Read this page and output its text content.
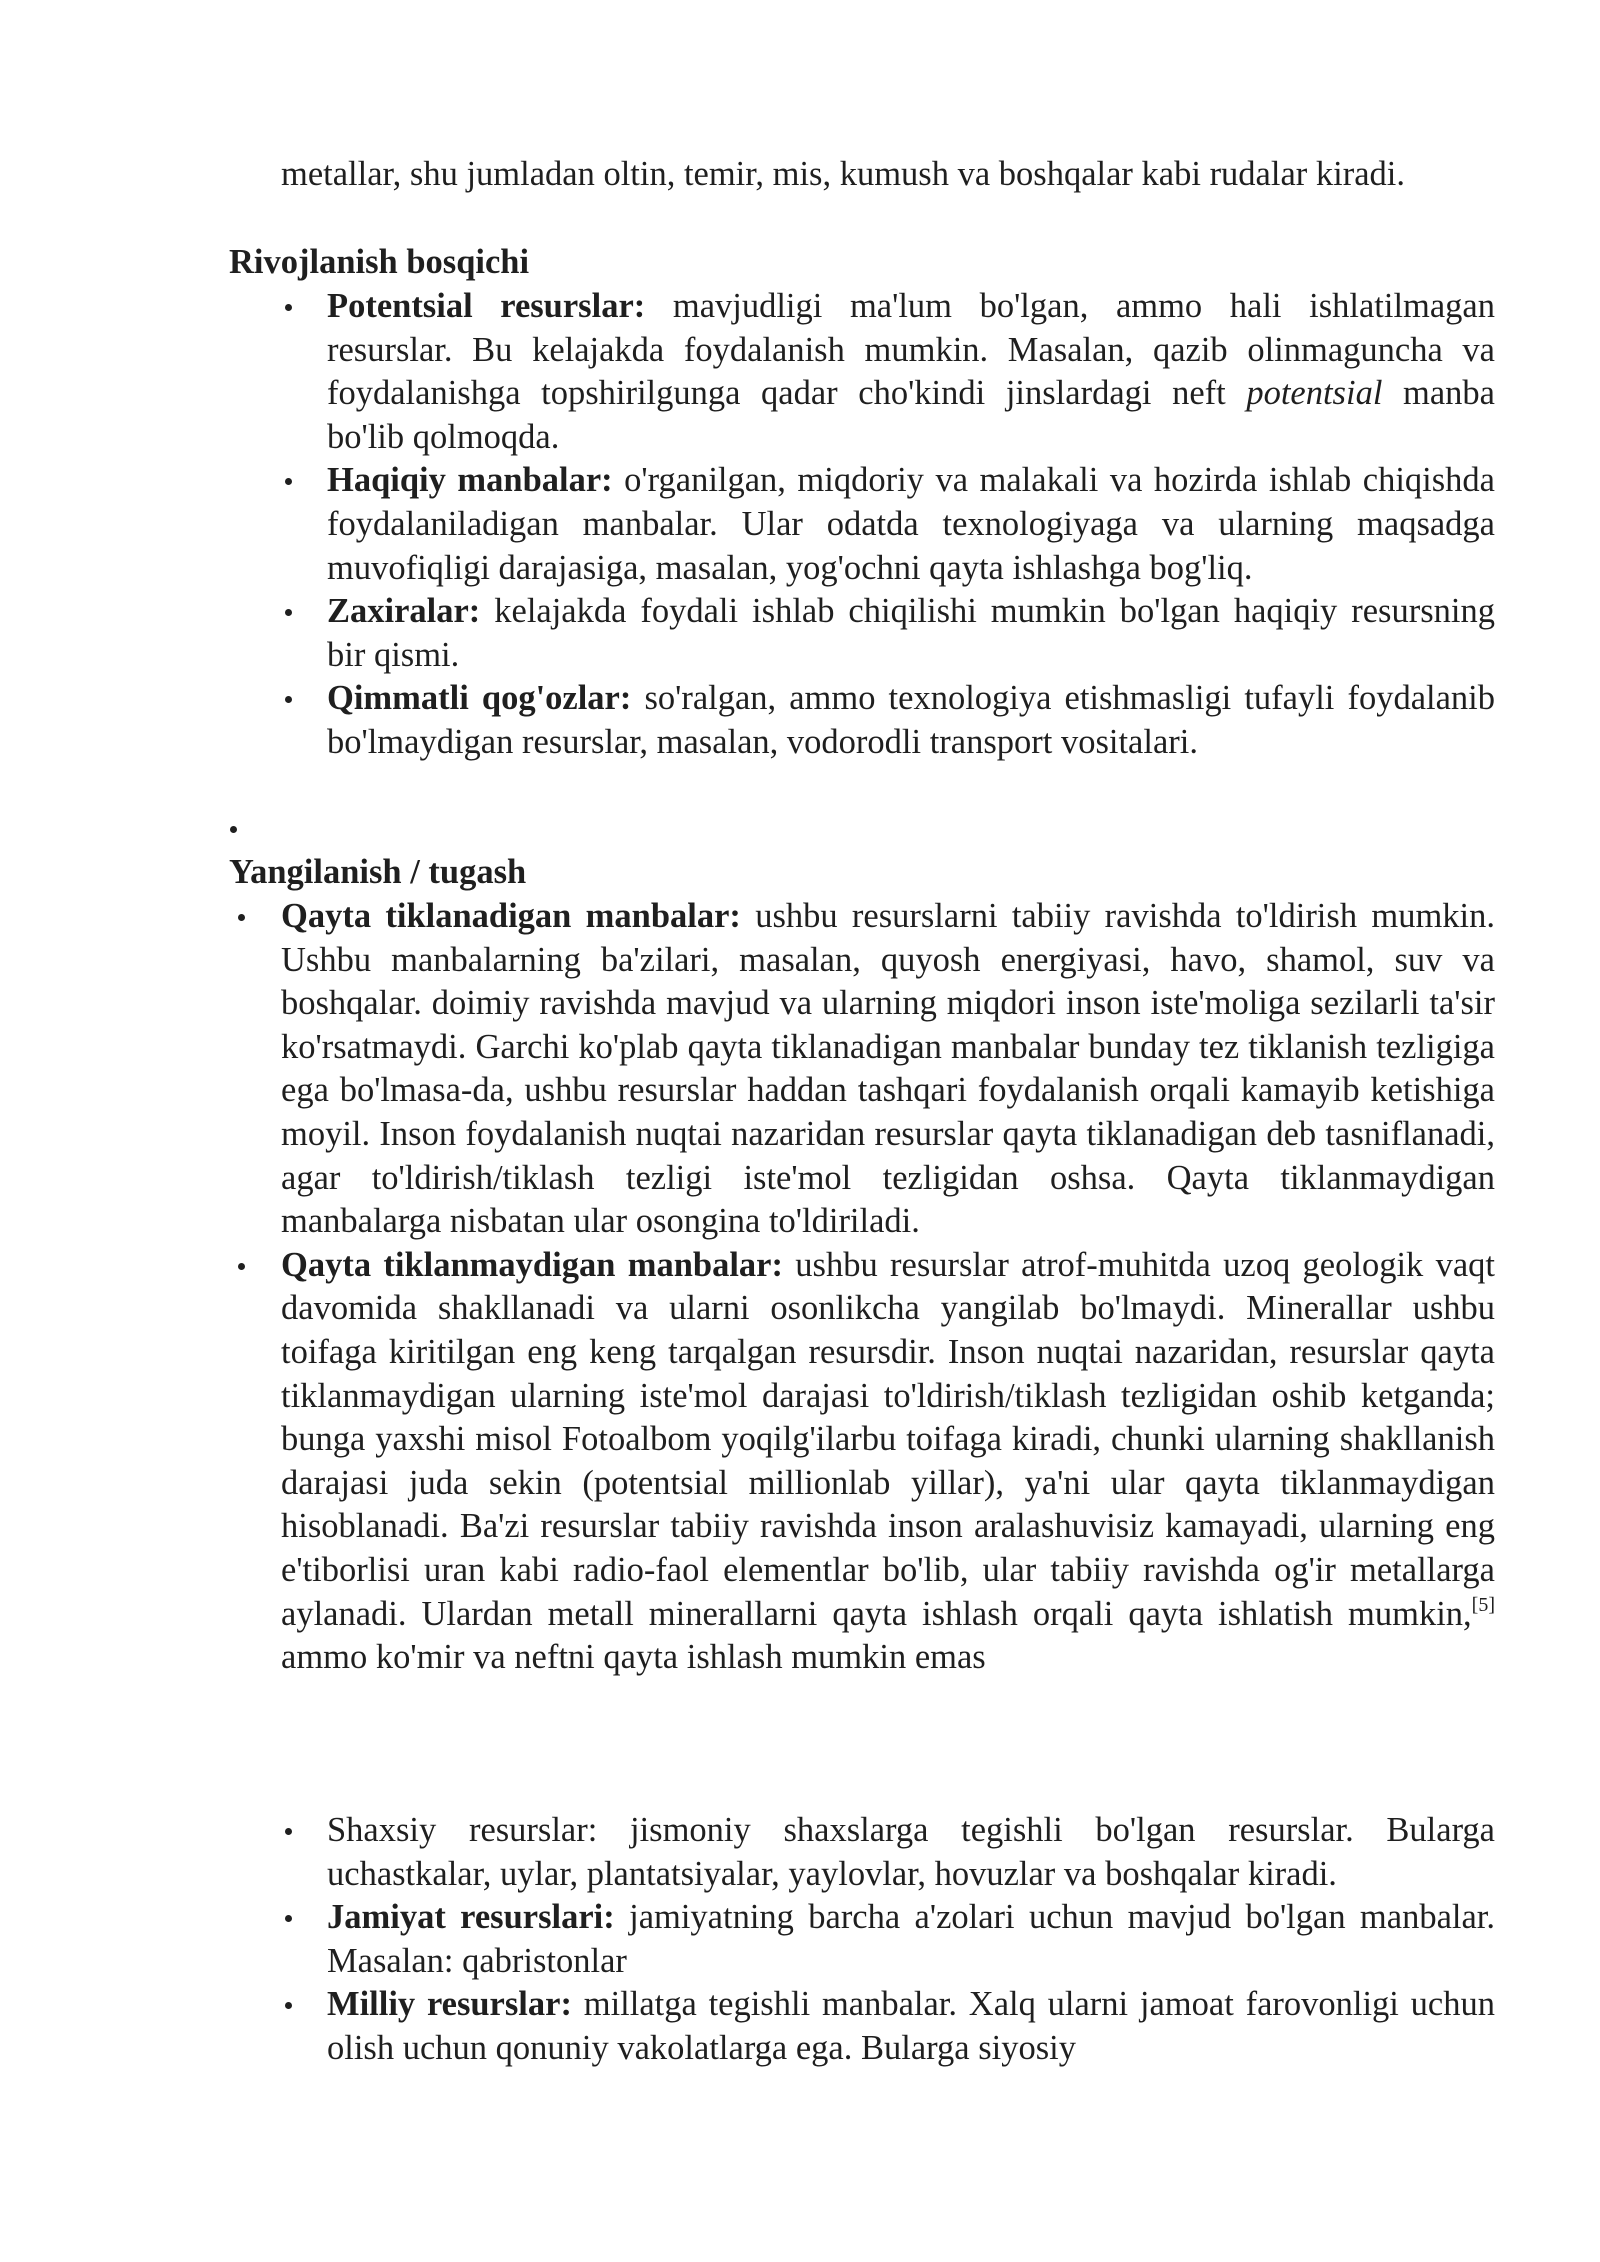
metallar, shu jumladan oltin, temir, mis, kumush va boshqalar kabi rudalar kiradi.

Rivojlanish bosqichi

Potentsial resurslar: mavjudligi ma'lum bo'lgan, ammo hali ishlatilmagan resurslar. Bu kelajakda foydalanish mumkin. Masalan, qazib olinmaguncha va foydalanishga topshirilgunga qadar cho'kindi jinslardagi neft potentsial manba bo'lib qolmoqda.
Haqiqiy manbalar: o'rganilgan, miqdoriy va malakali va hozirda ishlab chiqishda foydalaniladigan manbalar. Ular odatda texnologiyaga va ularning maqsadga muvofiqligi darajasiga, masalan, yog'ochni qayta ishlashga bog'liq.
Zaxiralar: kelajakda foydali ishlab chiqilishi mumkin bo'lgan haqiqiy resursning bir qismi.
Qimmatli qog'ozlar: so'ralgan, ammo texnologiya etishmasligi tufayli foydalanib bo'lmaydigan resurslar, masalan, vodorodli transport vositalari.

Yangilanish / tugash

Qayta tiklanadigan manbalar: ushbu resurslarni tabiiy ravishda to'ldirish mumkin. Ushbu manbalarning ba'zilari, masalan, quyosh energiyasi, havo, shamol, suv va boshqalar. doimiy ravishda mavjud va ularning miqdori inson iste'moliga sezilarli ta'sir ko'rsatmaydi. Garchi ko'plab qayta tiklanadigan manbalar bunday tez tiklanish tezligiga ega bo'lmasa-da, ushbu resurslar haddan tashqari foydalanish orqali kamayib ketishiga moyil. Inson foydalanish nuqtai nazaridan resurslar qayta tiklanadigan deb tasniflanadi, agar to'ldirish/tiklash tezligi iste'mol tezligidan oshsa. Qayta tiklanmaydigan manbalarga nisbatan ular osongina to'ldiriladi.
Qayta tiklanmaydigan manbalar: ushbu resurslar atrof-muhitda uzoq geologik vaqt davomida shakllanadi va ularni osonlikcha yangilab bo'lmaydi. Minerallar ushbu toifaga kiritilgan eng keng tarqalgan resursdir. Inson nuqtai nazaridan, resurslar qayta tiklanmaydigan ularning iste'mol darajasi to'ldirish/tiklash tezligidan oshib ketganda; bunga yaxshi misol Fotoalbom yoqilg'ilarbu toifaga kiradi, chunki ularning shakllanish darajasi juda sekin (potentsial millionlab yillar), ya'ni ular qayta tiklanmaydigan hisoblanadi. Ba'zi resurslar tabiiy ravishda inson aralashuvisiz kamayadi, ularning eng e'tiborlisi uran kabi radio-faol elementlar bo'lib, ular tabiiy ravishda og'ir metallarga aylanadi. Ulardan metall minerallarni qayta ishlash orqali qayta ishlatish mumkin,[5] ammo ko'mir va neftni qayta ishlash mumkin emas
Shaxsiy resurslar: jismoniy shaxslarga tegishli bo'lgan resurslar. Bularga uchastkalar, uylar, plantatsiyalar, yaylovlar, hovuzlar va boshqalar kiradi.
Jamiyat resurslari: jamiyatning barcha a'zolari uchun mavjud bo'lgan manbalar. Masalan: qabristonlar
Milliy resurslar: millatga tegishli manbalar. Xalq ularni jamoat farovonligi uchun olish uchun qonuniy vakolatlarga ega. Bularga siyosiy
